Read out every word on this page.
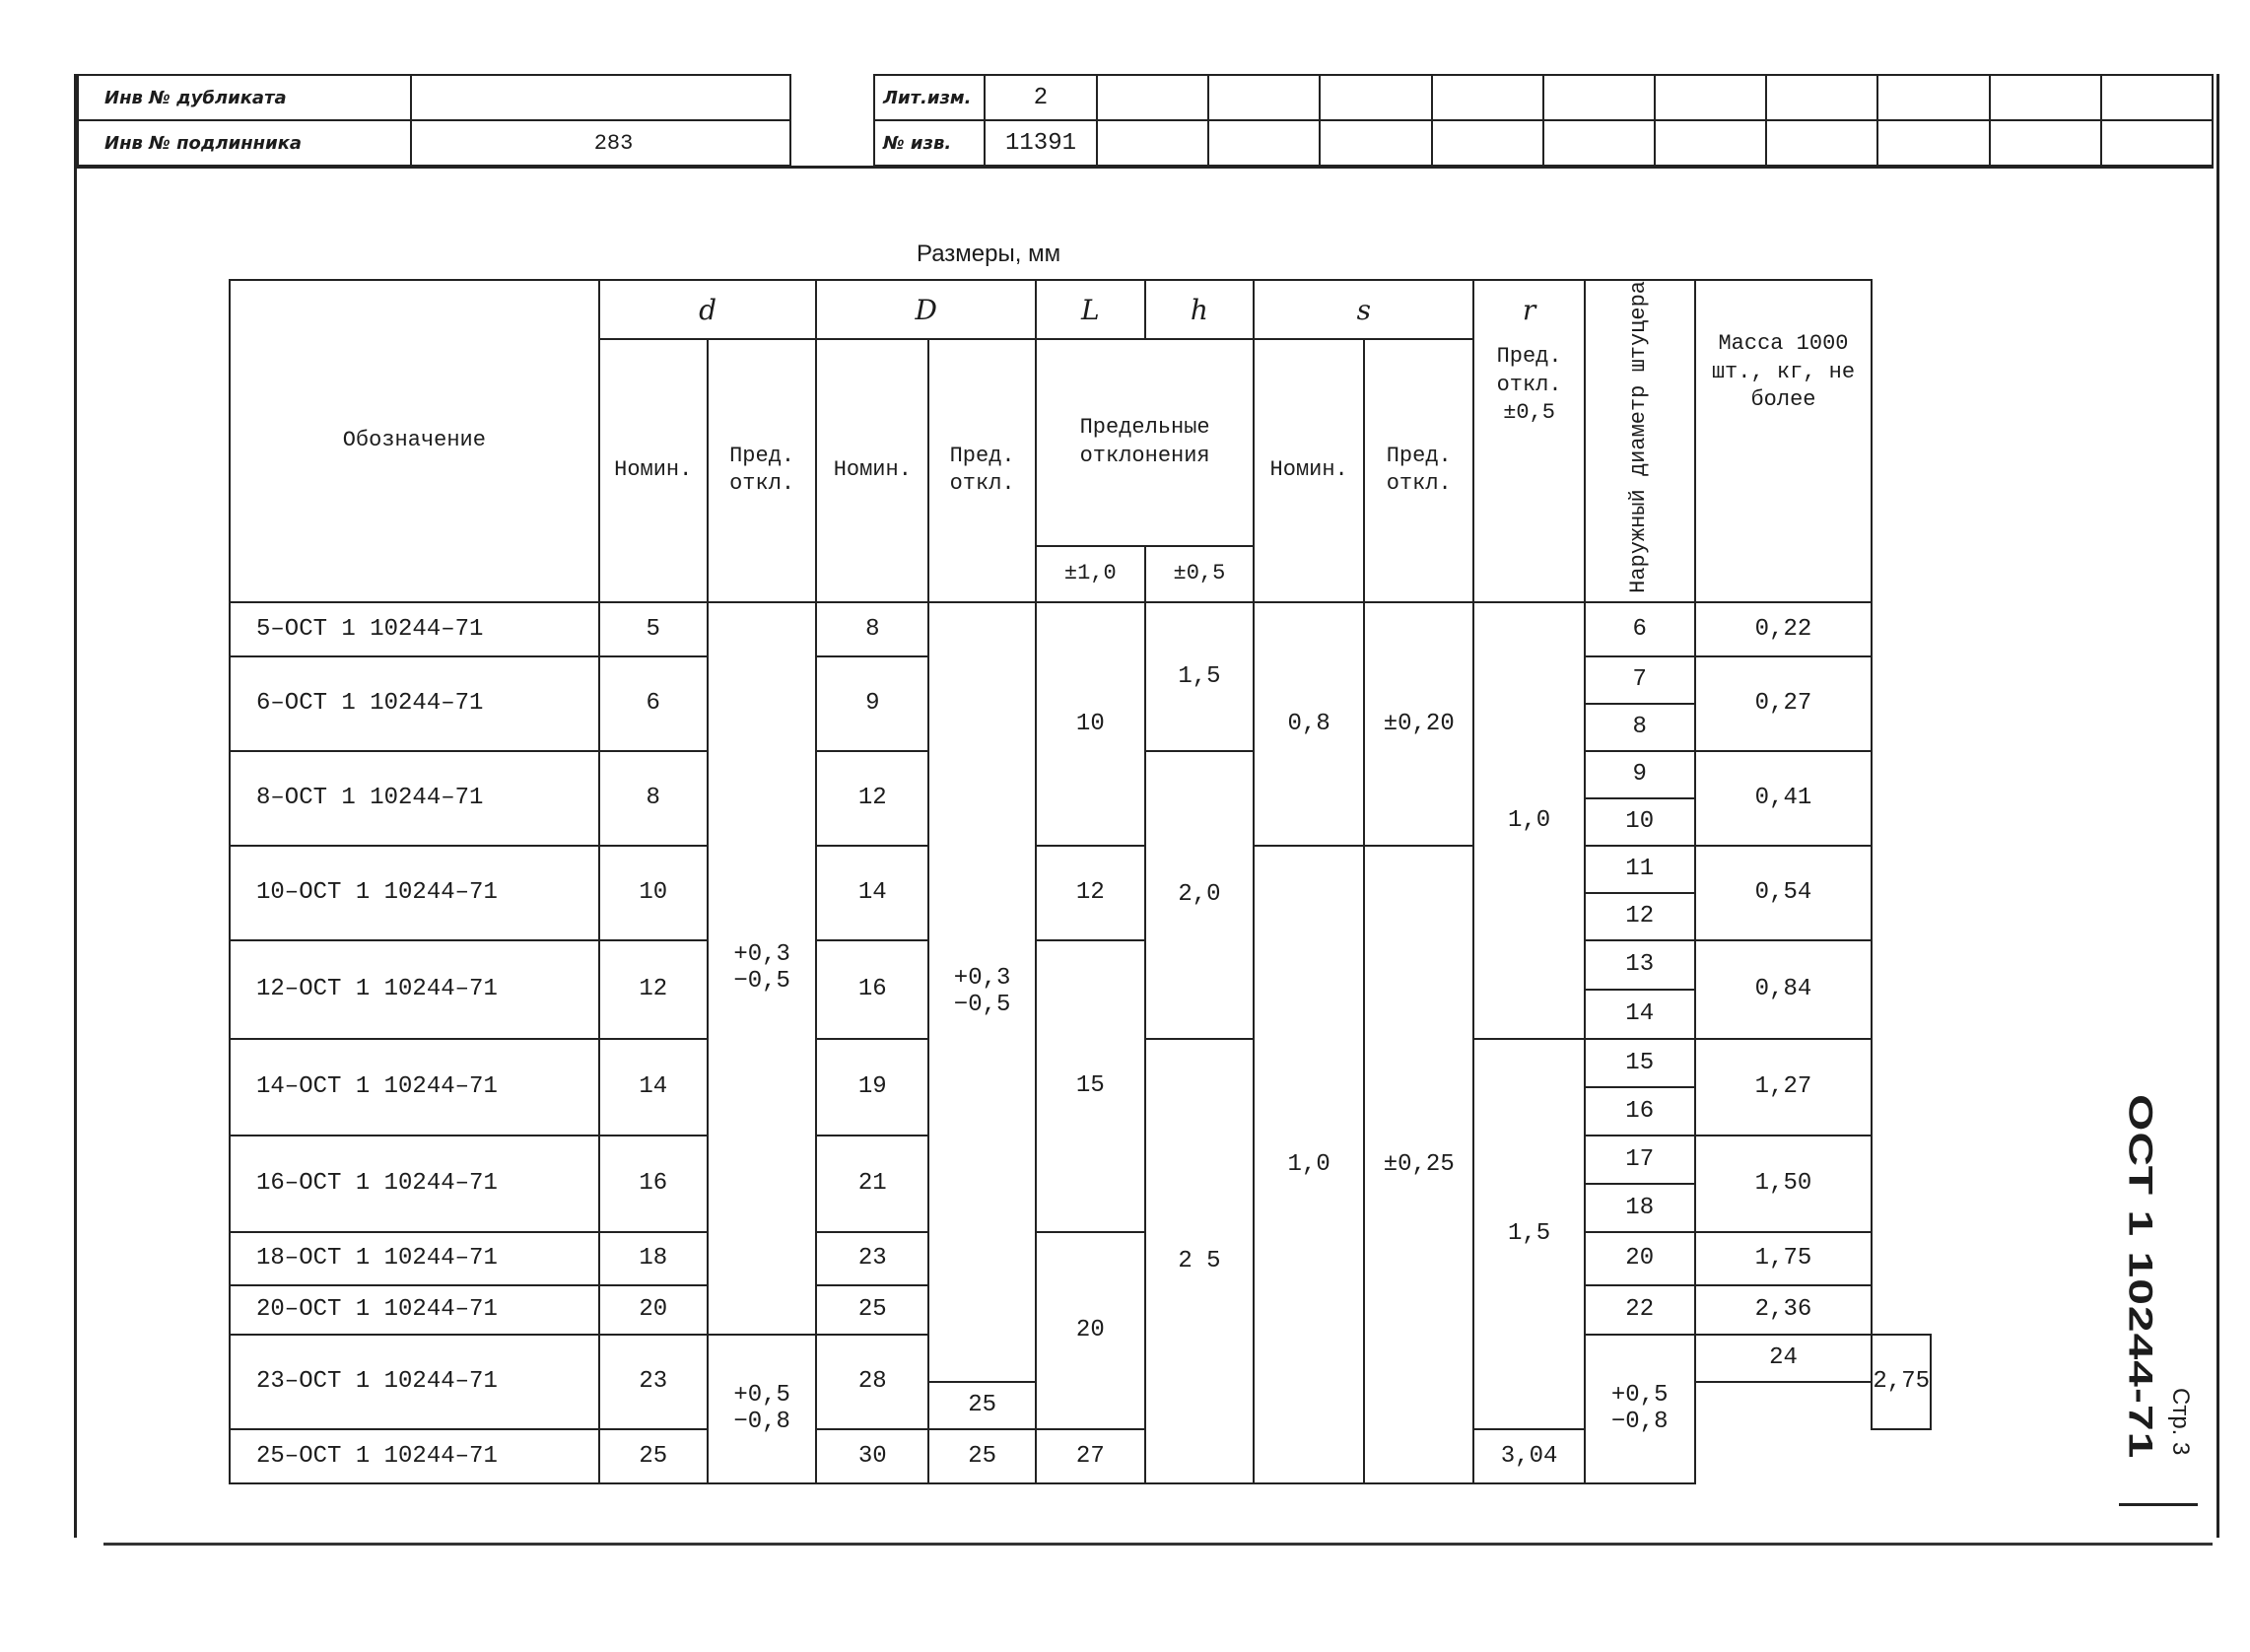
Инв № дубликата	
Инв № подлинника	283
Лит.изм.	2										
№ изв.	11391										
Размеры, мм
Обозначение	d		D		L	h	s		r	Наружный диаметр штуцера	Масса 1000 шт., кг, не более	
	Номин.	Пред. откл.	Номин.	Пред. откл.	Предельные отклонения		Номин.	Пред. откл.	Пред. откл. ±0,5			
					±1,0	±0,5						
5–ОСТ 1 10244–71	5	+0,3 −0,5	8	+0,3 −0,5	10	1,5	0,8	±0,20	1,0	6	0,22	
6–ОСТ 1 10244–71	6		9							7	0,27	
										8		
8–ОСТ 1 10244–71	8		12			2,0				9	0,41	
										10		
10–ОСТ 1 10244–71	10		14		12		1,0	±0,25		11	0,54	
										12		
12–ОСТ 1 10244–71	12		16		15					13	0,84	
										14		
14–ОСТ 1 10244–71	14		19			2 5			1,5	15	1,27	
										16		
16–ОСТ 1 10244–71	16		21							17	1,50	
										18		
18–ОСТ 1 10244–71	18		23		20					20	1,75	
20–ОСТ 1 10244–71	20		25							22	2,36	
23–ОСТ 1 10244–71	23	+0,5 −0,8	28							+0,5 −0,8	24	2,75
				25								
25–ОСТ 1 10244–71	25		30	25	27				3,04				ОСТ 1 10244-71 Стр. 3
